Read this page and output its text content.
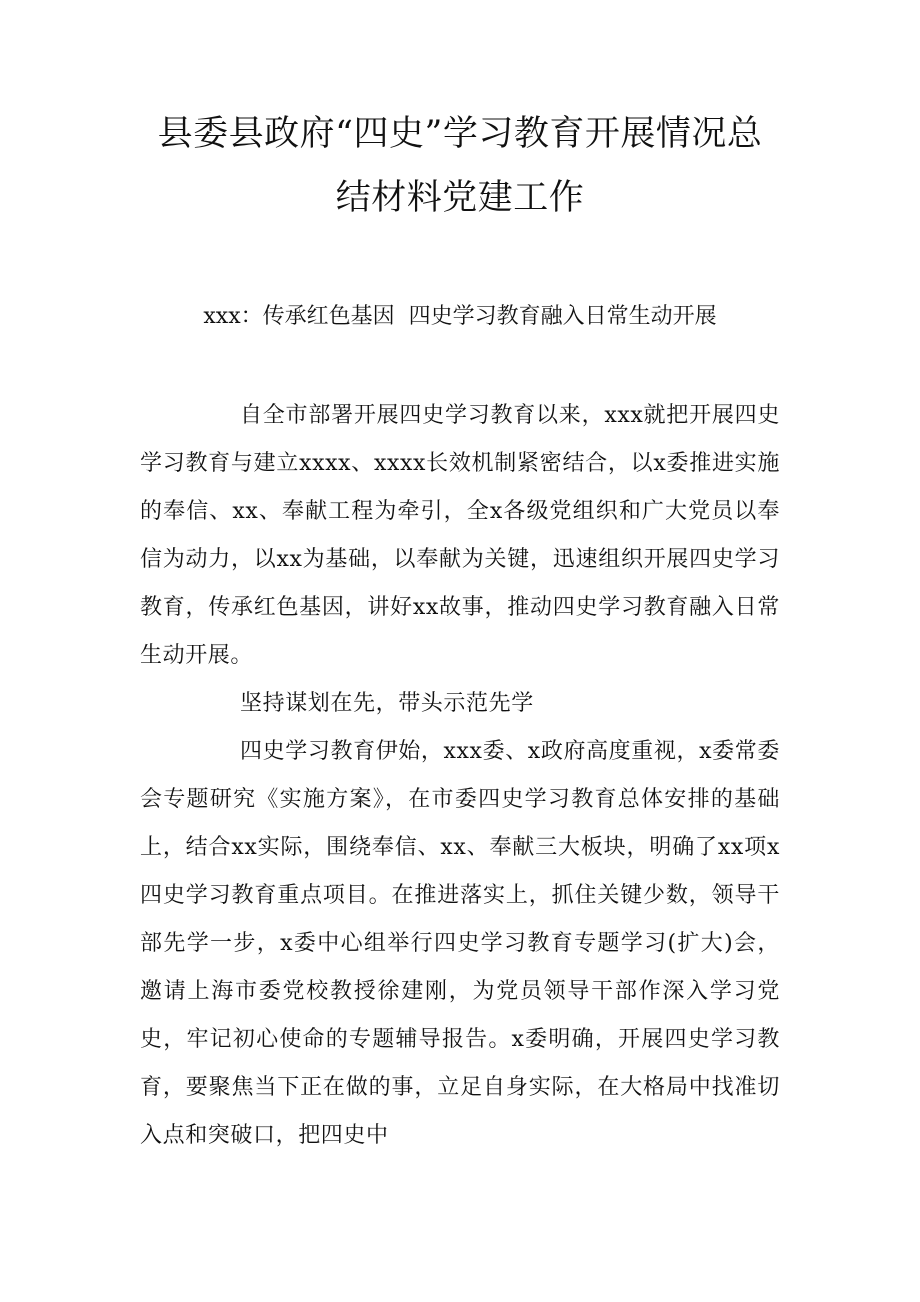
县委县政府“四史”学习教育开展情况总结材料党建工作

xxx：传承红色基因  四史学习教育融入日常生动开展

自全市部署开展四史学习教育以来，xxx就把开展四史学习教育与建立xxxx、xxxx长效机制紧密结合，以x委推进实施的奉信、xx、奉献工程为牵引，全x各级党组织和广大党员以奉信为动力，以xx为基础，以奉献为关键，迅速组织开展四史学习教育，传承红色基因，讲好xx故事，推动四史学习教育融入日常生动开展。

坚持谋划在先，带头示范先学

四史学习教育伊始，xxx委、x政府高度重视，x委常委会专题研究《实施方案》，在市委四史学习教育总体安排的基础上，结合xx实际，围绕奉信、xx、奉献三大板块，明确了xx项x四史学习教育重点项目。在推进落实上，抓住关键少数，领导干部先学一步，x委中心组举行四史学习教育专题学习(扩大)会，邀请上海市委党校教授徐建刚，为党员领导干部作深入学习党史，牢记初心使命的专题辅导报告。x委明确，开展四史学习教育，要聚焦当下正在做的事，立足自身实际，在大格局中找准切入点和突破口，把四史中
